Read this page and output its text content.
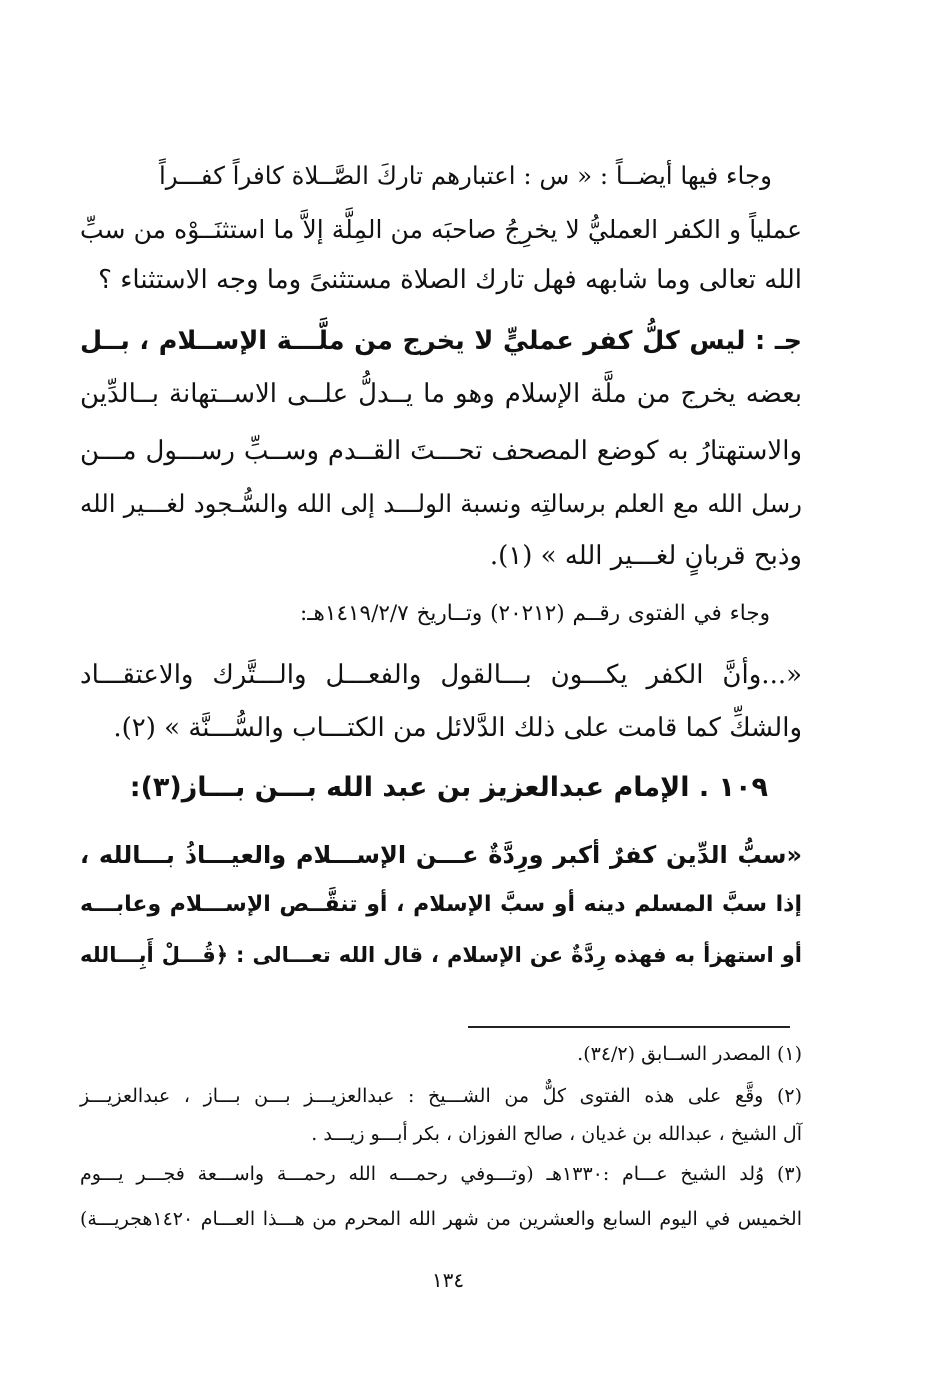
وجاء فيها أيضــاً : « س : اعتبارهم تاركَ الصَّــلاة كافراً كفـــراً
عملياً و الكفر العمليُّ لا يخرِجُ صاحبَه من المِلَّة إلاَّ ما استثنَــوْه من سبِّ
الله تعالى وما شابهه فهل تارك الصلاة مستثنىً وما وجه الاستثناء ؟
جـ : ليس كلُّ كفر عمليٍّ لا يخرج من ملَّـــة الإســلام ، بــل
بعضه يخرج من ملَّة الإسلام وهو ما يــدلُّ علــى الاســتهانة بــالدِّين
والاستهتارُ به كوضع المصحف تحـــتَ القــدم وســبِّ رســـول مـــن
رسل الله مع العلم برسالتِه ونسبة الولـــد إلى الله والسُّـجود لغـــير الله
وذبح قربانٍ لغـــير الله » (١).
وجاء في الفتوى رقــم (٢٠٢١٢) وتــاريخ ١٤١٩/٢/٧هـ:
«...وأنَّ الكفر يكـــون بـــالقول والفعـــل والـــتَّرك والاعتقـــاد
والشكِّ كما قامت على ذلك الدَّلائل من الكتـــاب والسُّـــنَّة » (٢).
١٠٩ . الإمام عبدالعزيز بن عبد الله بـــن بـــاز(٣):
«سبُّ الدِّين كفرٌ أكبر ورِدَّةٌ عـــن الإســـلام والعيـــاذُ بـــالله ،
إذا سبَّ المسلم دينه أو سبَّ الإسلام ، أو تنقَّــص الإســـلام وعابـــه
أو استهزأ به فهذه رِدَّةٌ عن الإسلام ، قال الله تعـــالى : ﴿قُـــلْ أَبِـــالله
(١) المصدر الســابق (٣٤/٢).
(٢) وقَّع على هذه الفتوى كلٌّ من الشـــيخ : عبدالعزيـــز بـــن بـــاز ، عبدالعزيـــز
آل الشيخ ، عبدالله بن غديان ، صالح الفوزان ، بكر أبـــو زيـــد .
(٣) وُلد الشيخ عـــام :١٣٣٠هـ (وتـــوفي رحمـــه الله رحمـــة واســـعة فجـــر يـــوم
الخميس في اليوم السابع والعشرين من شهر الله المحرم من هـــذا العـــام ١٤٢٠هجريـــة)
١٣٤
